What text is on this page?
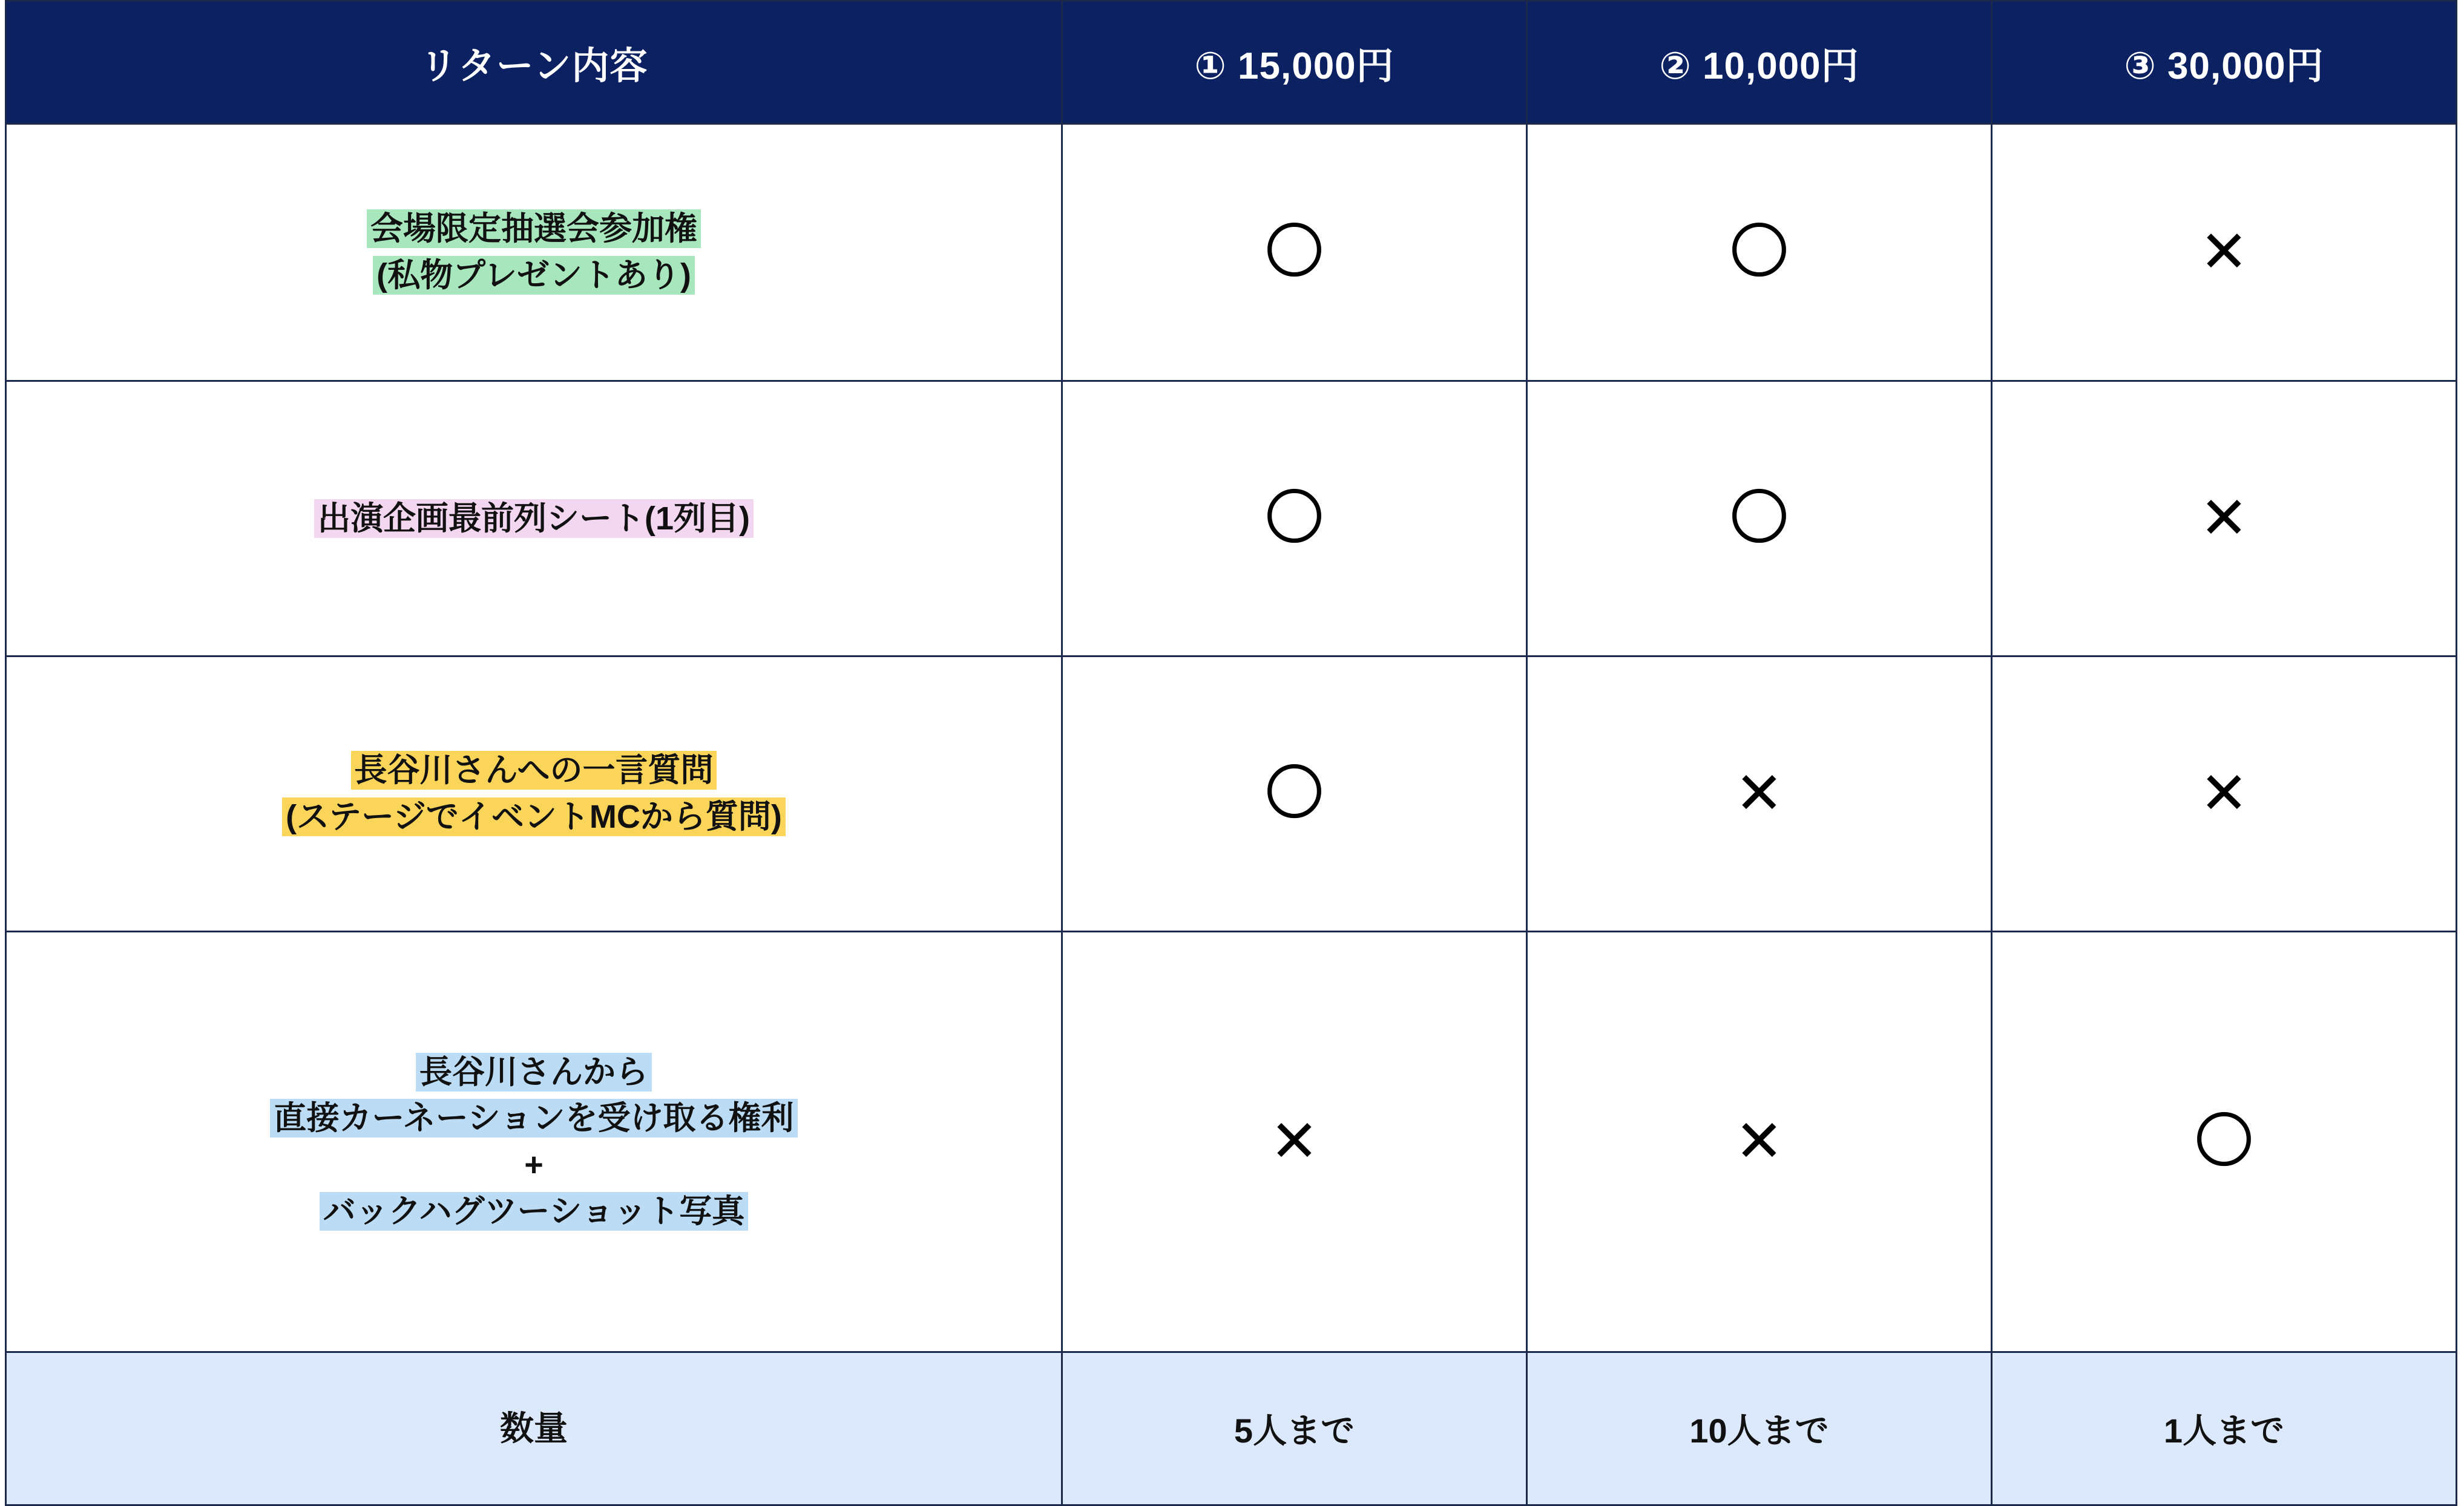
リターン内容	① 15,000円	② 10,000円	③ 30,000円

会場限定抽選会参加権
(私物プレゼントあり)	〇	〇	✕

出演企画最前列シート(1列目)	〇	〇	✕

長谷川さんへの一言質問
(ステージでイベントMCから質問)	〇	✕	✕

長谷川さんから
直接カーネーションを受け取る権利
+
バックハグツーショット写真	✕	✕	〇
数量	5人まで	10人まで	1人まで
